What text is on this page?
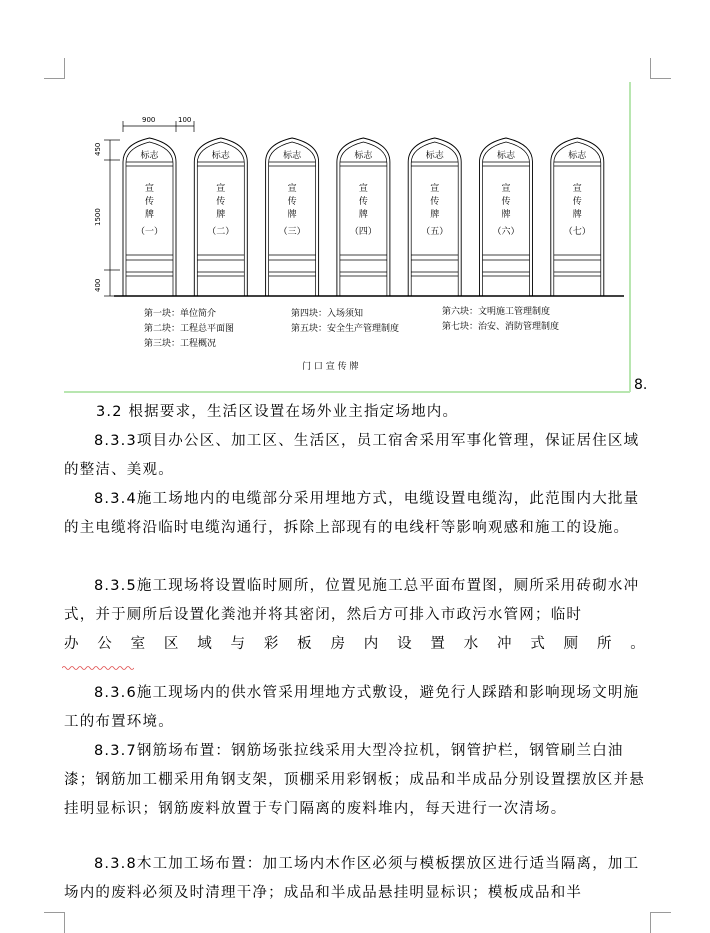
900	100
450
1500
400
标志
宣
传
牌
（一）
标志
宣
传
牌
（二）
标志
宣
传
牌
（三）
标志
宣
传
牌
（四）
标志
宣
传
牌
（五）
标志
宣
传
牌
（六）
标志
宣
传
牌
（七）
第一块：单位简介
第二块：工程总平面图
第三块：工程概况
第四块：入场须知
第五块：安全生产管理制度
第六块：文明施工管理制度
第七块：治安、消防管理制度
门 口 宣 传 牌
8.

3.2 根据要求，生活区设置在场外业主指定场地内。

8.3.3项目办公区、加工区、生活区，员工宿舍采用军事化管理，保证居住区域的整洁、美观。

8.3.4施工场地内的电缆部分采用埋地方式，电缆设置电缆沟，此范围内大批量的主电缆将沿临时电缆沟通行，拆除上部现有的电线杆等影响观感和施工的设施。

8.3.5施工现场将设置临时厕所，位置见施工总平面布置图，厕所采用砖砌水冲式，并于厕所后设置化粪池并将其密闭，然后方可排入市政污水管网；临时

办公室区域与彩板房内设置水冲式厕所。

8.3.6施工现场内的供水管采用埋地方式敷设，避免行人踩踏和影响现场文明施工的布置环境。

8.3.7钢筋场布置：钢筋场张拉线采用大型冷拉机，钢管护栏，钢管刷兰白油漆；钢筋加工棚采用角钢支架，顶棚采用彩钢板；成品和半成品分别设置摆放区并悬挂明显标识；钢筋废料放置于专门隔离的废料堆内，每天进行一次清场。

8.3.8木工加工场布置：加工场内木作区必须与模板摆放区进行适当隔离，加工场内的废料必须及时清理干净；成品和半成品悬挂明显标识；模板成品和半
